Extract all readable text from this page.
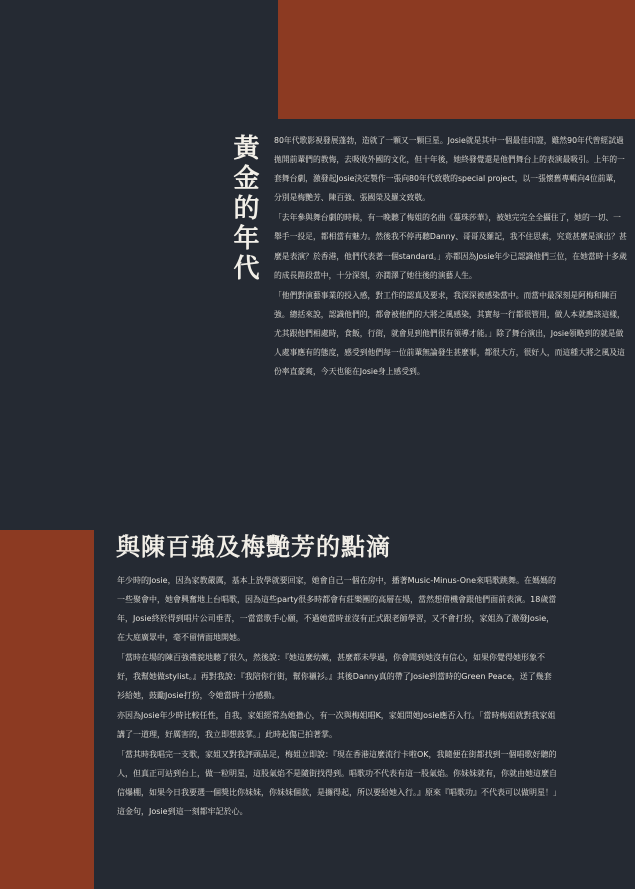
黃金的年代	80年代歌影視發展蓬勃，造就了一顆又一顆巨星。Josie就是其中一個最佳印證，雖然90年代曾經試過拋開前輩們的教悔，去吸收外國的文化，但十年後，她終發覺還是他們舞台上的表演最吸引。上年的一套舞台劇，激發起Josie決定製作一張向80年代致敬的special project，以一張懷舊專輯向4位前輩，分別是梅艷芳、陳百強、張國榮及羅文致敬。

「去年參與舞台劇的時候，有一晚聽了梅姐的名曲《蔓珠莎華》，被她完完全全攝住了，她的一切、一舉手一投足，都相當有魅力。然後我不停再聽Danny、哥哥及羅記，我不住思索，究竟甚麼是演出？甚麼是表演？於香港，他們代表著一個standard。」亦都因為Josie年少已認識他們三位，在她當時十多歲的成長階段當中，十分深刻，亦潤澤了她往後的演藝人生。

「他們對演藝事業的投入感，對工作的認真及要求，我深深被感染當中。而當中最深刻是阿梅和陳百強。總括來說，認識他們的，都會被他們的大將之風感染，其實每一行都很管用，做人本就應該這樣，尤其跟他們相處時，食飯，行街，就會見到他們很有領導才能。」除了舞台演出，Josie領略到的就是做人處事應有的態度，感受到他們每一位前輩無論發生甚麼事，都很大方，很好人，而這種大將之風及這份率直豪爽，今天也能在Josie身上感受到。

與陳百強及梅艷芳的點滴

年少時的Josie，因為家教嚴厲，基本上放學就要回家，她會自己一個在房中，播著Music-Minus-One來唱歌跳舞。在媽媽的一些聚會中，她會興奮地上台唱歌，因為這些party很多時都會有莊樂團的高層在場，當然想借機會跟他們面前表演。18歲當年，Josie終於得到唱片公司垂青，一當當歌手心願，不過她當時並沒有正式跟老師學習，又不會打扮，家姐為了激發Josie，在大庭廣眾中，毫不留情面地開她。

「當時在場的陳百強禮貌地聽了很久，然後說：『她這麼幼嫩，甚麼都未學過，你會聞到她沒有信心，如果你覺得她形象不好，我幫她做stylist。』再對我說：『我陪你行街，幫你襯衫。』其後Danny真的帶了Josie到當時的Green Peace，送了幾套衫給她，鼓勵Josie打扮，令她當時十分感動。

亦因為Josie年少時比較任性，自我，家姐經常為她擔心，有一次與梅姐唱K，家姐問她Josie應否入行。「當時梅姐就對我家姐講了一道理，好厲害的，我立即想鼓掌。」此時起傷已拍著掌。

「當其時我唱完一支歌，家姐又對我評頭品足，梅姐立即說：『現在香港這麼流行卡啦OK，我隨便在街都找到一個唱歌好聽的人，但真正可站到台上，做一粒明星，這股氣焰不是隨街找得到。唱歌功不代表有這一股氣焰。你妹妹就有，你就由她這麼自信爆棚，如果今日我要選一個獎比你妹妹，你妹妹個款，是攞得起，所以要給她入行。』原來『唱歌功』不代表可以做明星！」這金句，Josie到這一刻都牢記於心。
